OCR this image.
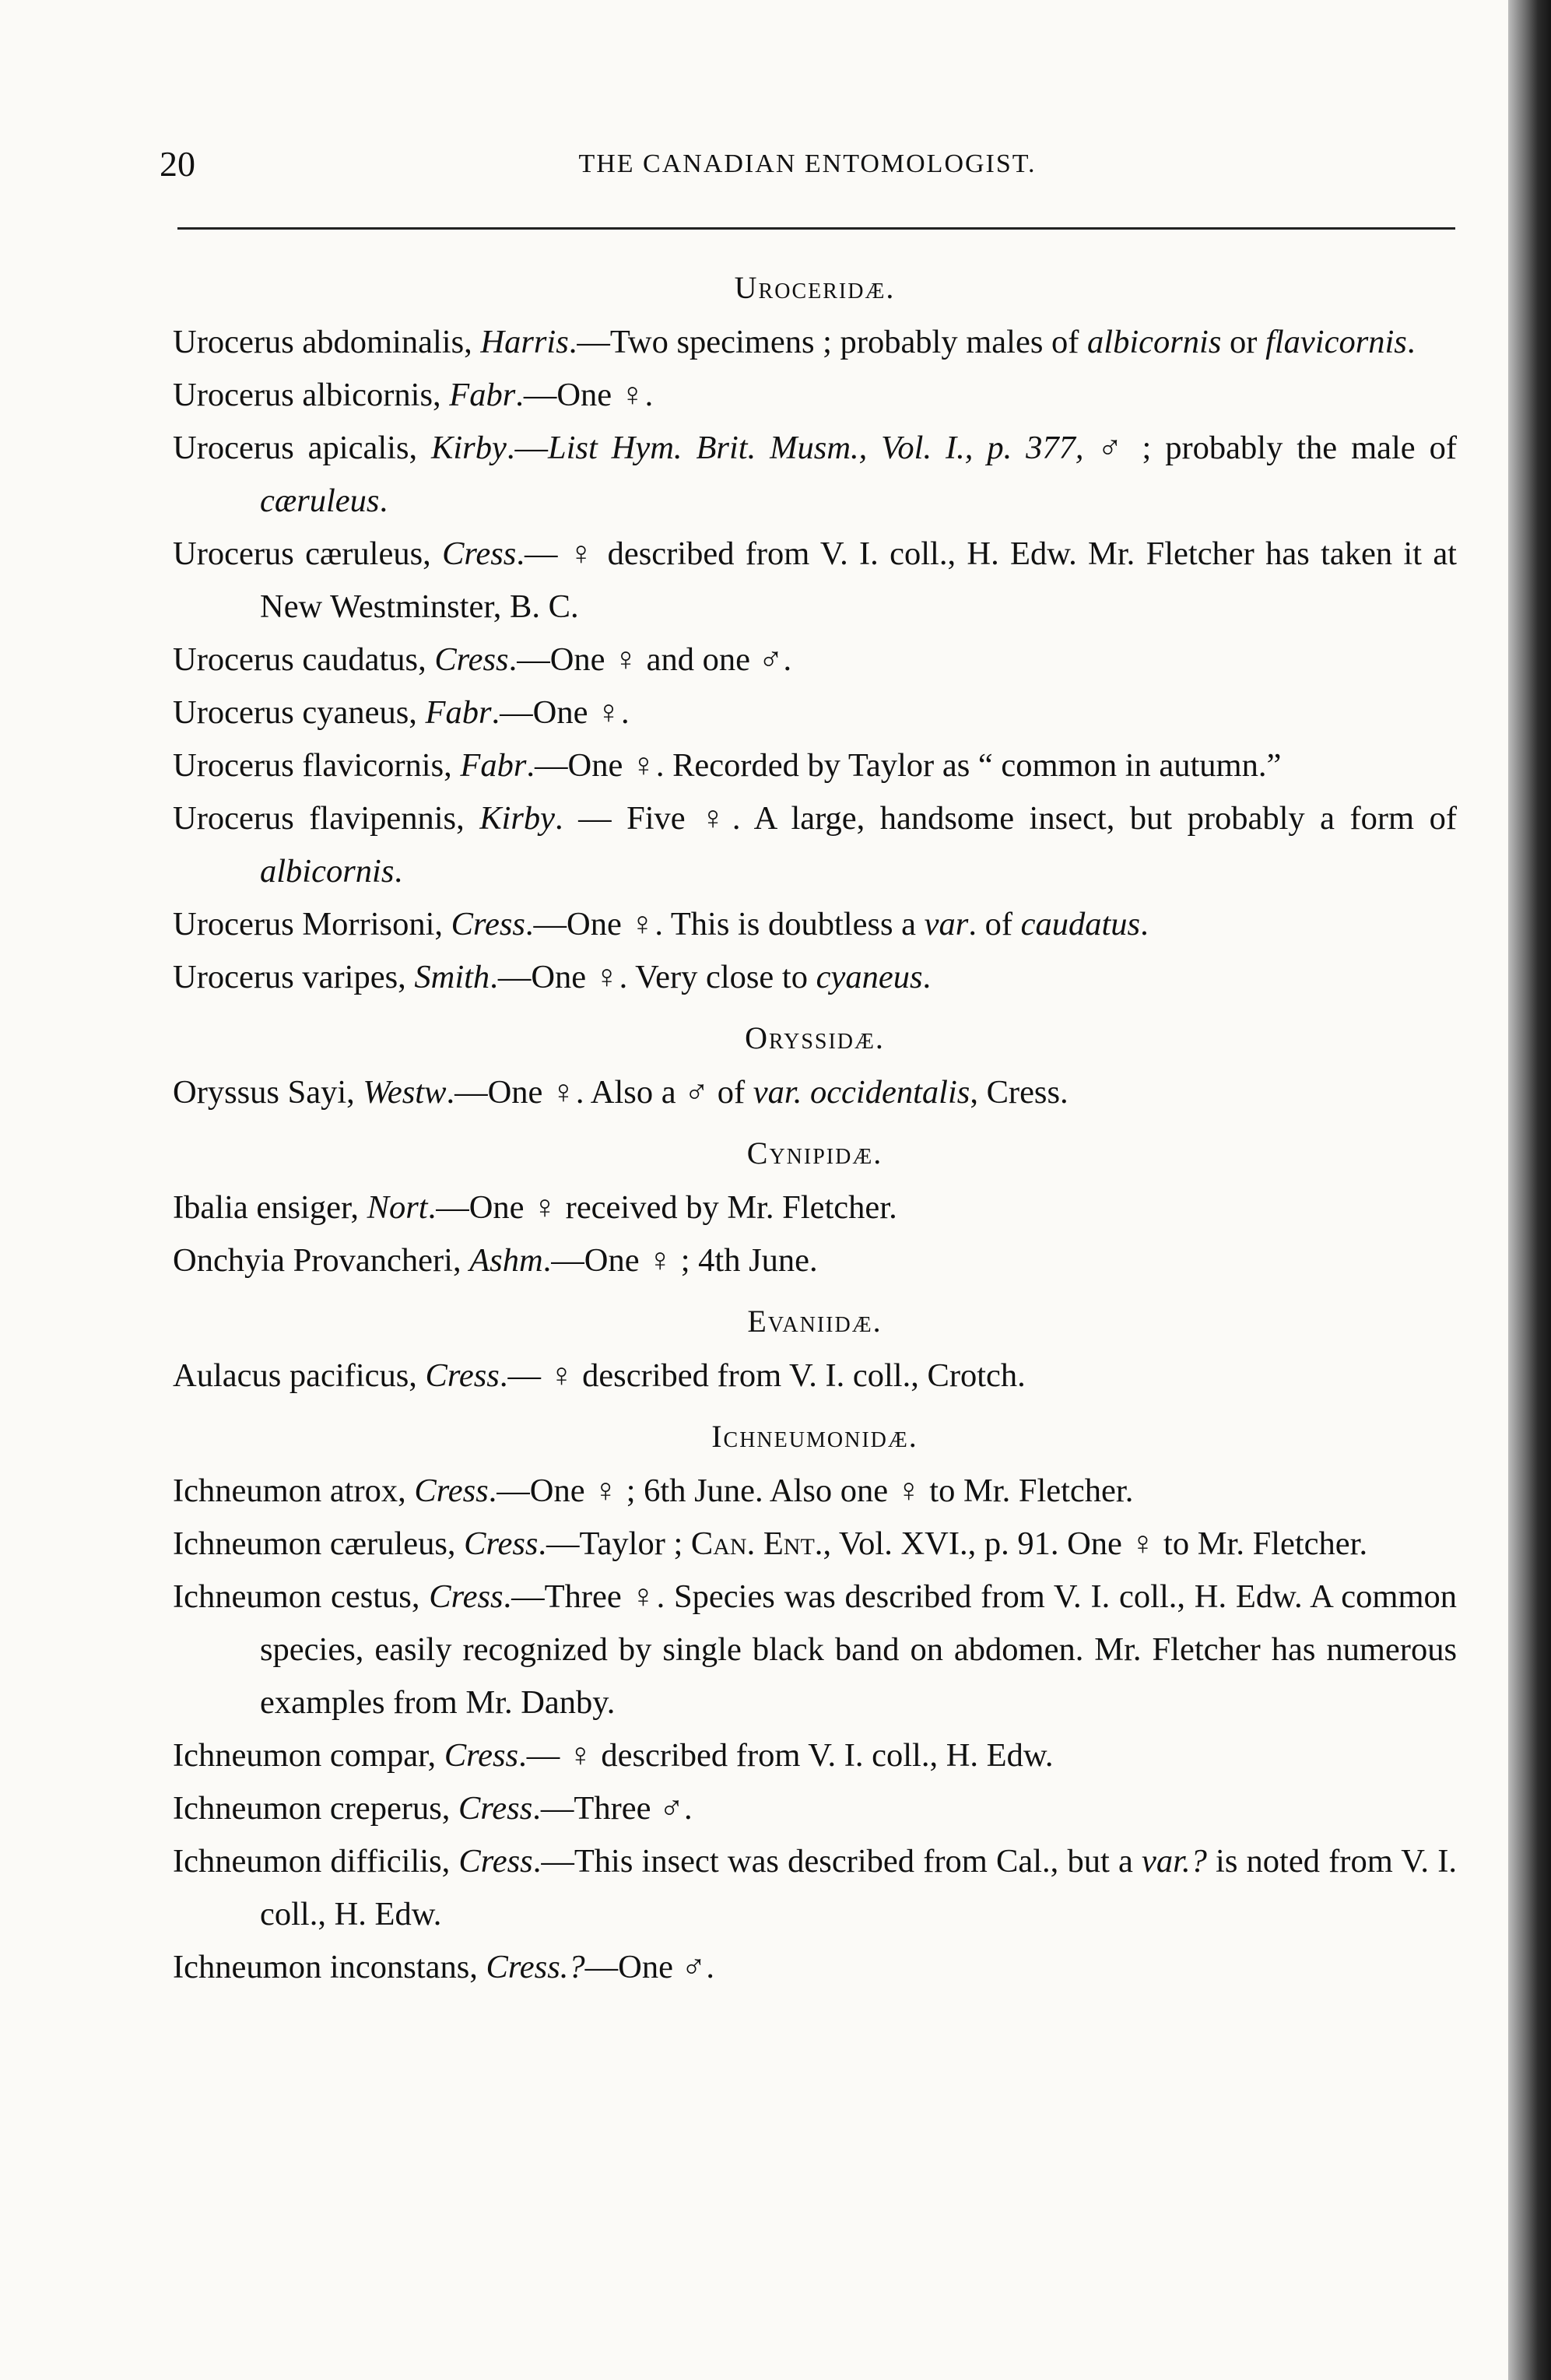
20	THE CANADIAN ENTOMOLOGIST.
Uroceridæ.
Urocerus abdominalis, Harris.—Two specimens ; probably males of albicornis or flavicornis.
Urocerus albicornis, Fabr.—One ♀.
Urocerus apicalis, Kirby.—List Hym. Brit. Musm., Vol. I., p. 377, ♂ ; probably the male of cæruleus.
Urocerus cæruleus, Cress.— ♀ described from V. I. coll., H. Edw. Mr. Fletcher has taken it at New Westminster, B. C.
Urocerus caudatus, Cress.—One ♀ and one ♂.
Urocerus cyaneus, Fabr.—One ♀.
Urocerus flavicornis, Fabr.—One ♀. Recorded by Taylor as “ common in autumn.”
Urocerus flavipennis, Kirby. — Five ♀. A large, handsome insect, but probably a form of albicornis.
Urocerus Morrisoni, Cress.—One ♀. This is doubtless a var. of caudatus.
Urocerus varipes, Smith.—One ♀. Very close to cyaneus.
Oryssidæ.
Oryssus Sayi, Westw.—One ♀. Also a ♂ of var. occidentalis, Cress.
Cynipidæ.
Ibalia ensiger, Nort.—One ♀ received by Mr. Fletcher.
Onchyia Provancheri, Ashm.—One ♀ ; 4th June.
Evaniidæ.
Aulacus pacificus, Cress.— ♀ described from V. I. coll., Crotch.
Ichneumonidæ.
Ichneumon atrox, Cress.—One ♀ ; 6th June. Also one ♀ to Mr. Fletcher.
Ichneumon cæruleus, Cress.—Taylor ; Can. Ent., Vol. XVI., p. 91. One ♀ to Mr. Fletcher.
Ichneumon cestus, Cress.—Three ♀. Species was described from V. I. coll., H. Edw. A common species, easily recognized by single black band on abdomen. Mr. Fletcher has numerous examples from Mr. Danby.
Ichneumon compar, Cress.— ♀ described from V. I. coll., H. Edw.
Ichneumon creperus, Cress.—Three ♂.
Ichneumon difficilis, Cress.—This insect was described from Cal., but a var.? is noted from V. I. coll., H. Edw.
Ichneumon inconstans, Cress.?—One ♂.
